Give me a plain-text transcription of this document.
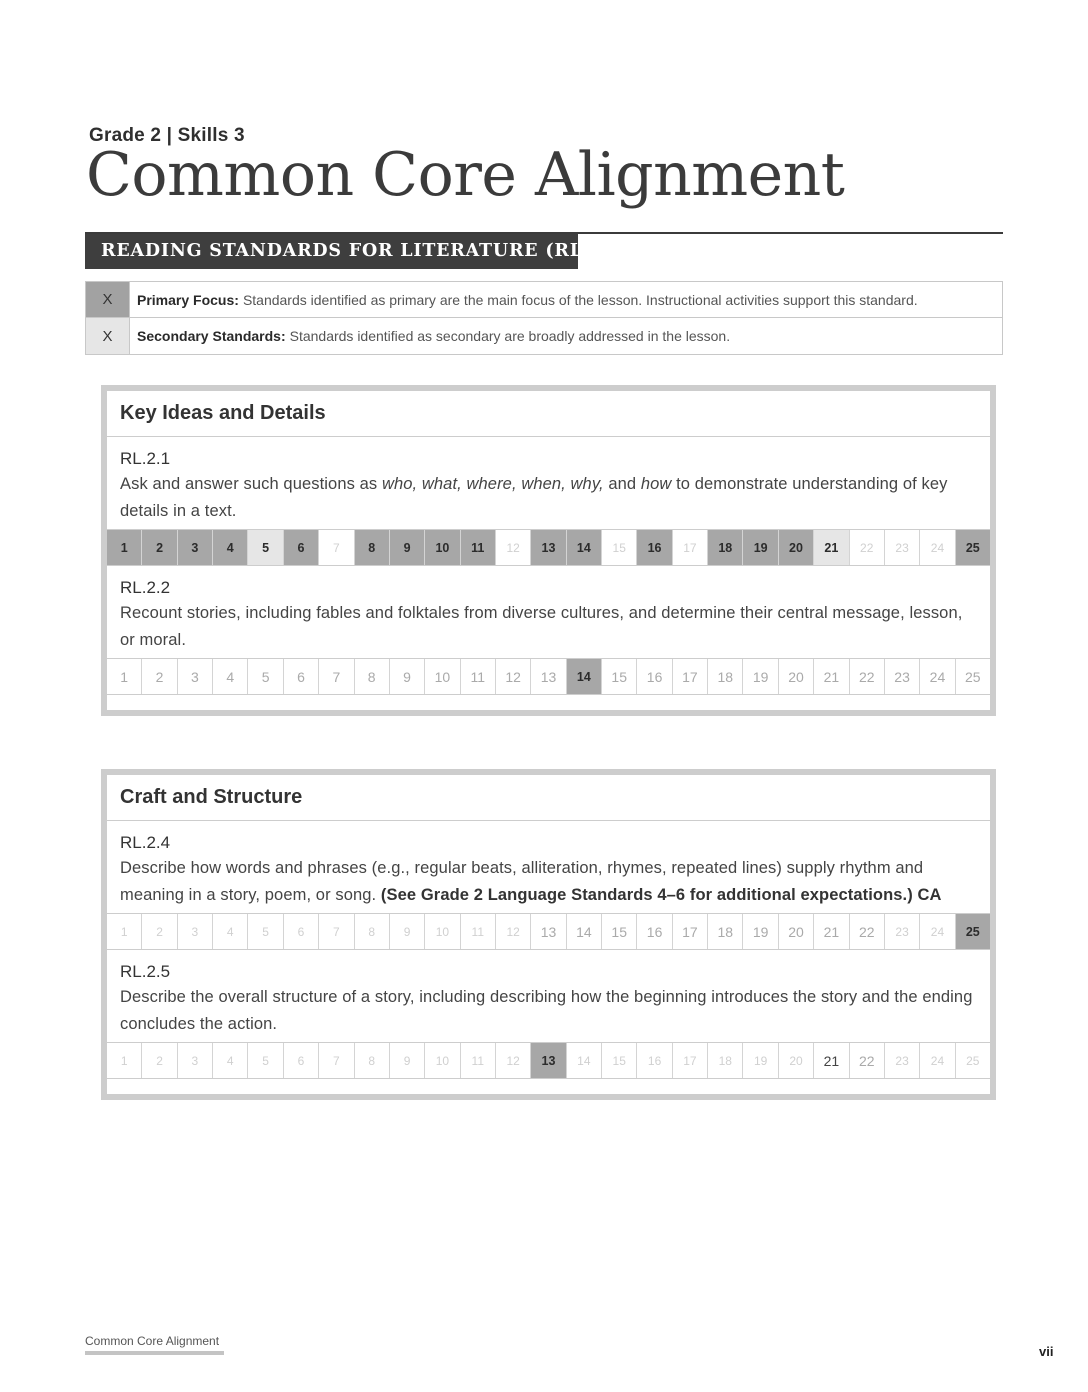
Grade 2 | Skills 3
Common Core Alignment
READING STANDARDS FOR LITERATURE (RL)
X	Primary Focus: Standards identified as primary are the main focus of the lesson. Instructional activities support this standard.
X	Secondary Standards: Standards identified as secondary are broadly addressed in the lesson.
Key Ideas and Details
RL.2.1
Ask and answer such questions as who, what, where, when, why, and how to demonstrate understanding of key details in a text.
1	2	3	4	5	6	7	8	9	10	11	12	13	14	15	16	17	18	19	20	21	22	23	24	25
RL.2.2
Recount stories, including fables and folktales from diverse cultures, and determine their central message, lesson, or moral.
1	2	3	4	5	6	7	8	9	10	11	12	13	14	15	16	17	18	19	20	21	22	23	24	25
Craft and Structure
RL.2.4
Describe how words and phrases (e.g., regular beats, alliteration, rhymes, repeated lines) supply rhythm and meaning in a story, poem, or song. (See Grade 2 Language Standards 4–6 for additional expectations.) CA
1	2	3	4	5	6	7	8	9	10	11	12	13	14	15	16	17	18	19	20	21	22	23	24	25
RL.2.5
Describe the overall structure of a story, including describing how the beginning introduces the story and the ending concludes the action.
1	2	3	4	5	6	7	8	9	10	11	12	13	14	15	16	17	18	19	20	21	22	23	24	25
Common Core Alignment
vii
